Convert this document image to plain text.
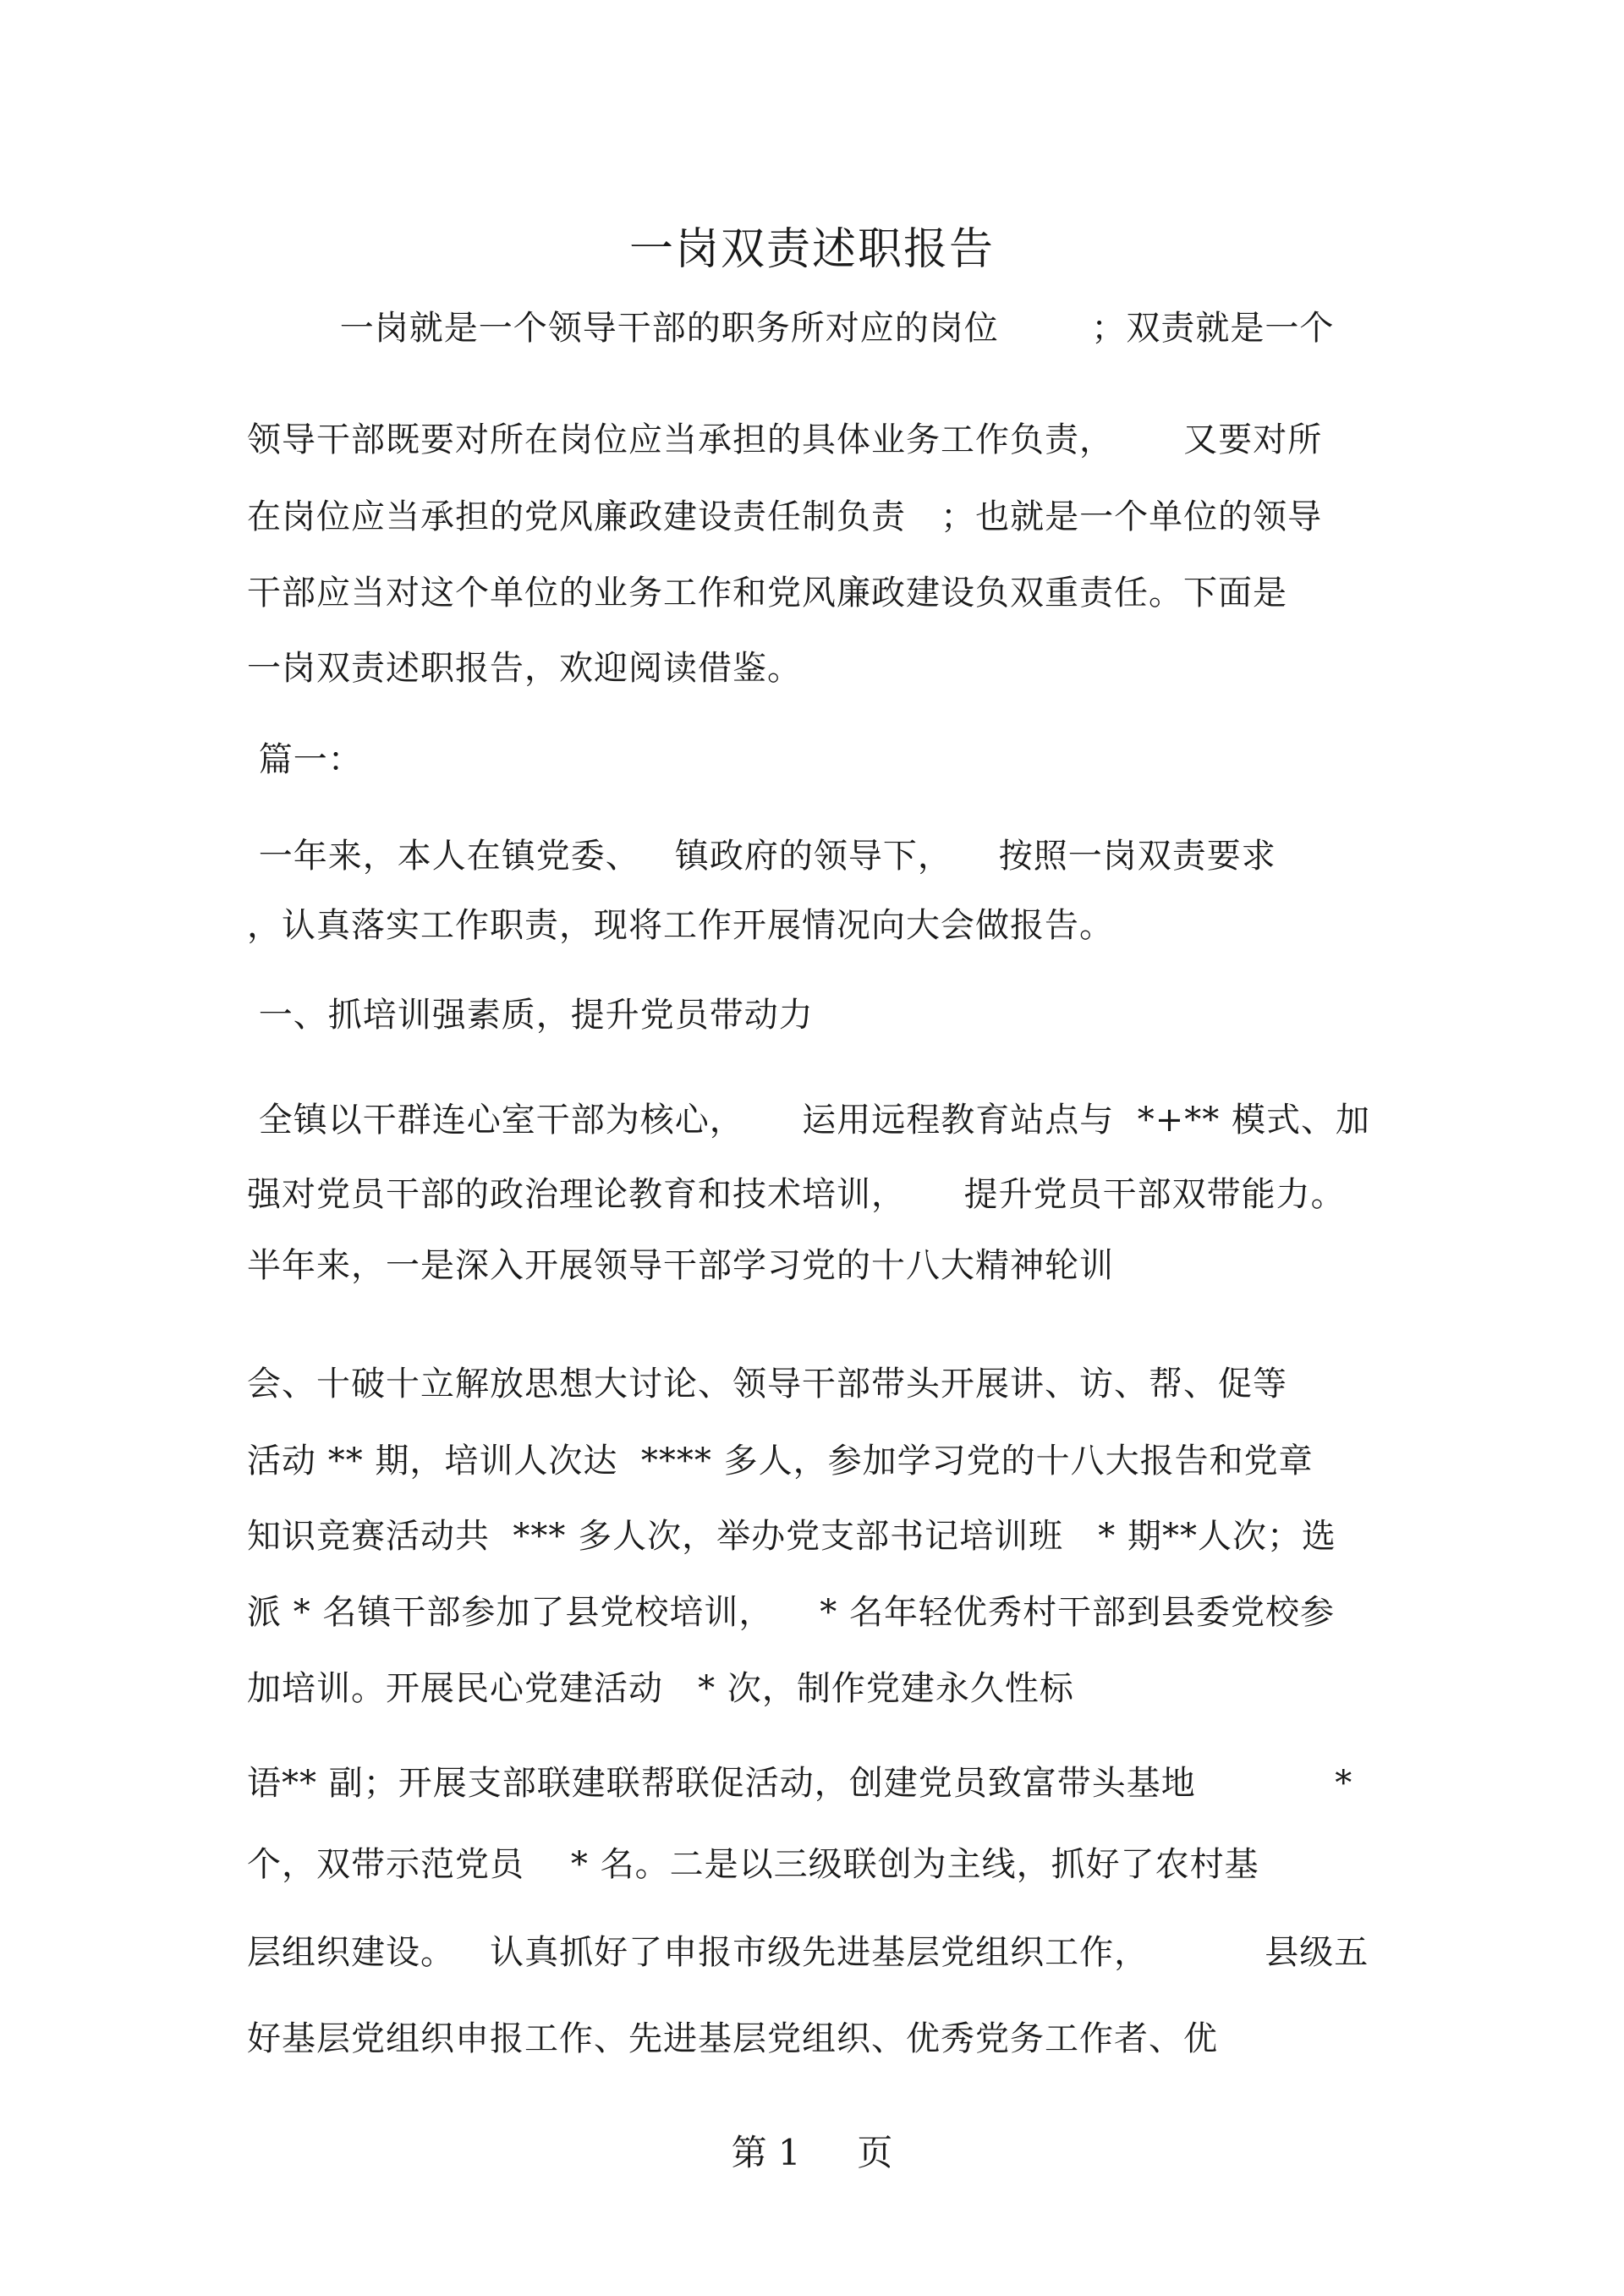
一岗双责述职报告
一岗就是一个领导干部的职务所对应的岗位        ；双责就是一个
领导干部既要对所在岗位应当承担的具体业务工作负责，      又要对所
在岗位应当承担的党风廉政建设责任制负责   ；也就是一个单位的领导
干部应当对这个单位的业务工作和党风廉政建设负双重责任。下面是
一岗双责述职报告，欢迎阅读借鉴。
篇一：
一年来，本人在镇党委、   镇政府的领导下，    按照一岗双责要求
，认真落实工作职责，现将工作开展情况向大会做报告。
一、抓培训强素质，提升党员带动力
全镇以干群连心室干部为核心，     运用远程教育站点与  *+** 模式、加
强对党员干部的政治理论教育和技术培训，     提升党员干部双带能力。
半年来，一是深入开展领导干部学习党的十八大精神轮训
会、十破十立解放思想大讨论、领导干部带头开展讲、访、帮、促等
活动 ** 期，培训人次达  **** 多人，参加学习党的十八大报告和党章
知识竞赛活动共  *** 多人次，举办党支部书记培训班   * 期**人次；选
派 * 名镇干部参加了县党校培训，    * 名年轻优秀村干部到县委党校参
加培训。开展民心党建活动   * 次，制作党建永久性标
语** 副；开展支部联建联帮联促活动，创建党员致富带头基地            *
个，双带示范党员    * 名。二是以三级联创为主线，抓好了农村基
层组织建设。   认真抓好了申报市级先进基层党组织工作，          县级五
好基层党组织申报工作、先进基层党组织、优秀党务工作者、优
第 1     页
